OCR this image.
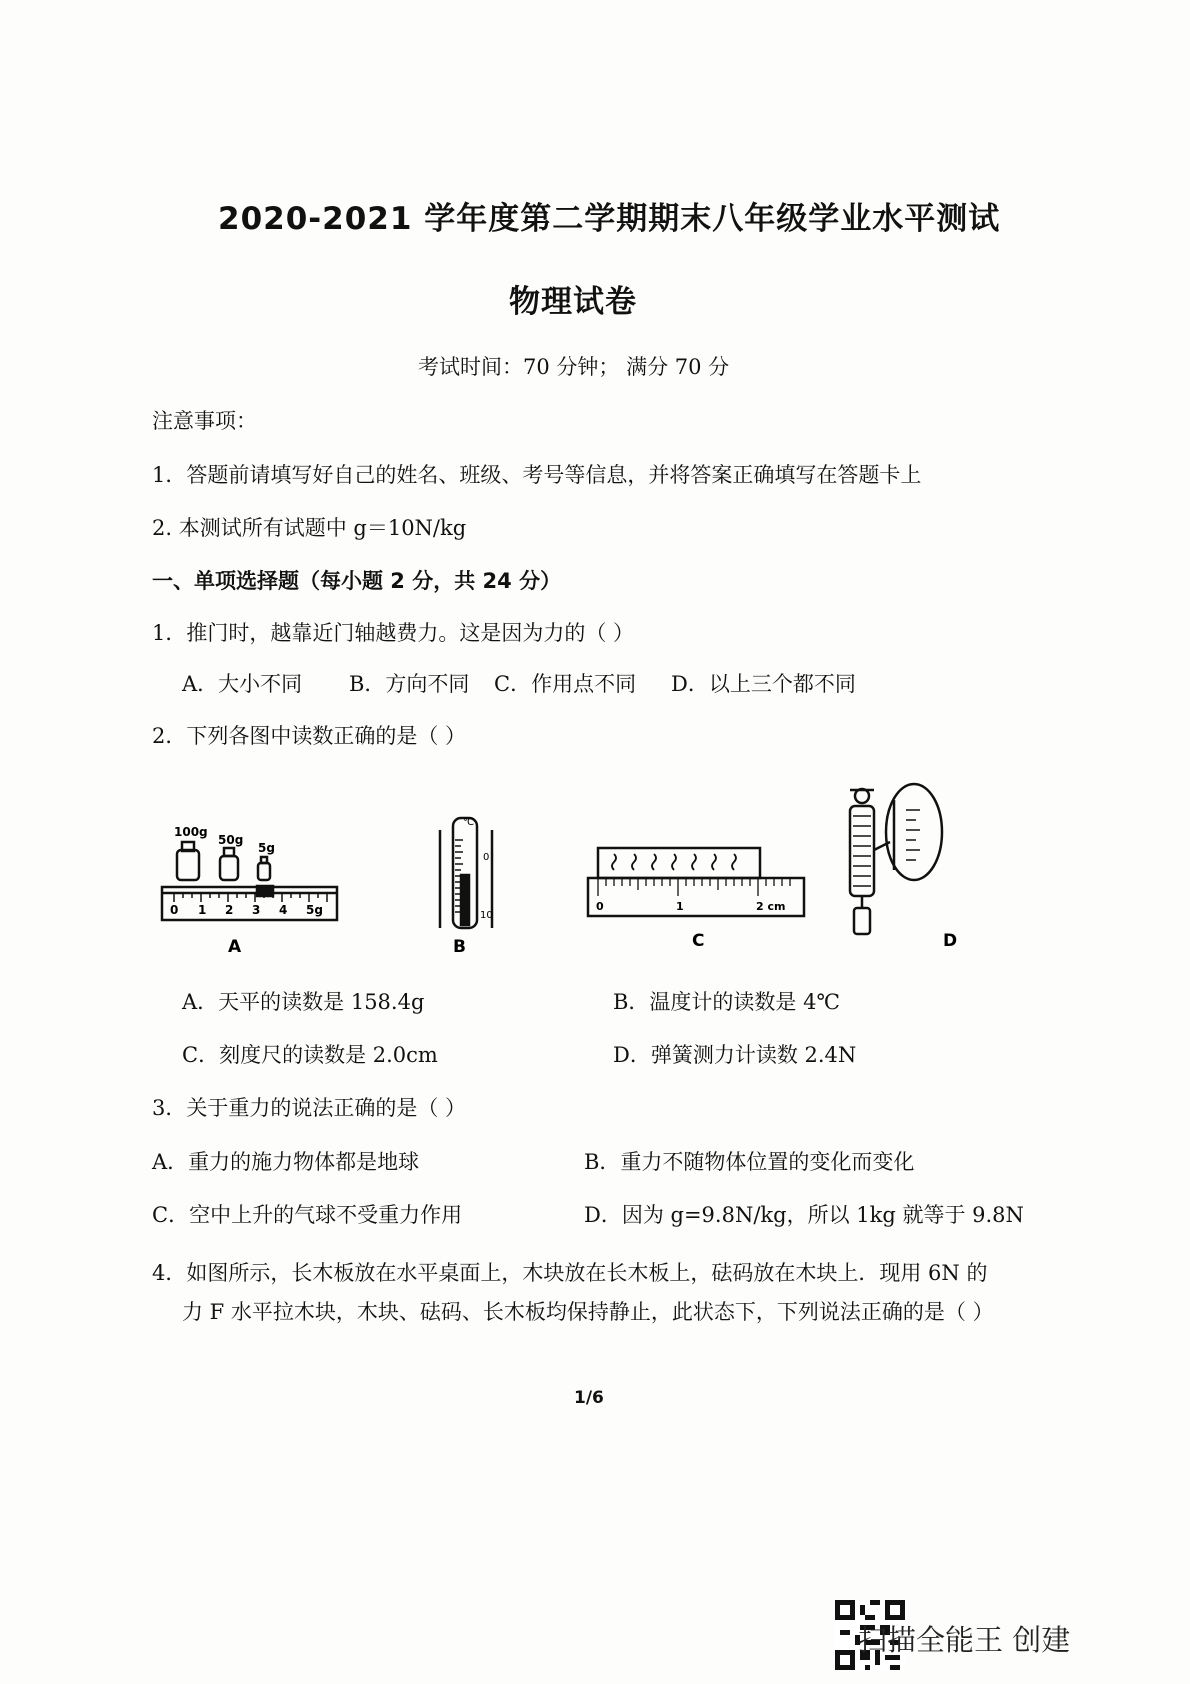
2020-2021 学年度第二学期期末八年级学业水平测试
物理试卷
考试时间：70 分钟； 满分 70 分
注意事项：
1．答题前请填写好自己的姓名、班级、考号等信息，并将答案正确填写在答题卡上
2. 本测试所有试题中 g＝10N/kg
一、单项选择题（每小题 2 分，共 24 分）
1．推门时，越靠近门轴越费力。这是因为力的（ ）
A．大小不同 B．方向不同 C．作用点不同 D．以上三个都不同
2．下列各图中读数正确的是（ ）
100g
50g
5g
0 1 2 3 4 5g
A
℃
0
10
B
0	1	2 cm
C	D
A．天平的读数是 158.4g	B．温度计的读数是 4℃
C．刻度尺的读数是 2.0cm	D．弹簧测力计读数 2.4N
3．关于重力的说法正确的是（ ）
A．重力的施力物体都是地球	B．重力不随物体位置的变化而变化
C．空中上升的气球不受重力作用	D．因为 g=9.8N/kg，所以 1kg 就等于 9.8N
4．如图所示，长木板放在水平桌面上，木块放在长木板上，砝码放在木块上．现用 6N 的
力 F 水平拉木块，木块、砝码、长木板均保持静止，此状态下，下列说法正确的是（ ）
1/6
扫描全能王 创建
